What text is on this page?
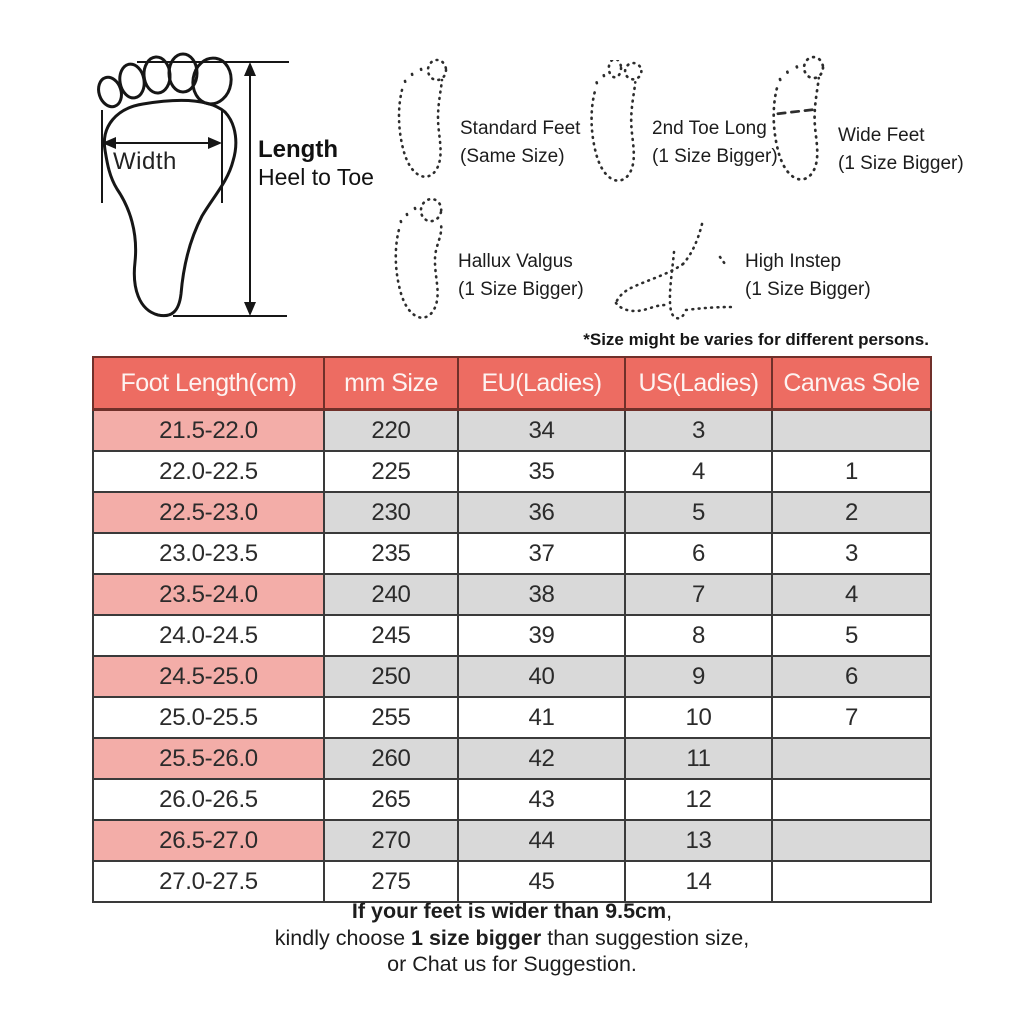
Width	Length
Heel to Toe
Standard Feet
(Same Size)
2nd Toe Long
(1 Size Bigger)
Wide Feet
(1 Size Bigger)
Hallux Valgus
(1 Size Bigger)
High Instep
(1 Size Bigger)
*Size might be varies for different persons.
Foot Length(cm)	mm Size	EU(Ladies)	US(Ladies)	Canvas Sole
21.5-22.0	220	34	3	
22.0-22.5	225	35	4	1
22.5-23.0	230	36	5	2
23.0-23.5	235	37	6	3
23.5-24.0	240	38	7	4
24.0-24.5	245	39	8	5
24.5-25.0	250	40	9	6
25.0-25.5	255	41	10	7
25.5-26.0	260	42	11	
26.0-26.5	265	43	12	
26.5-27.0	270	44	13	
27.0-27.5	275	45	14	
If your feet is wider than 9.5cm,
kindly choose 1 size bigger than suggestion size,
or Chat us for Suggestion.
